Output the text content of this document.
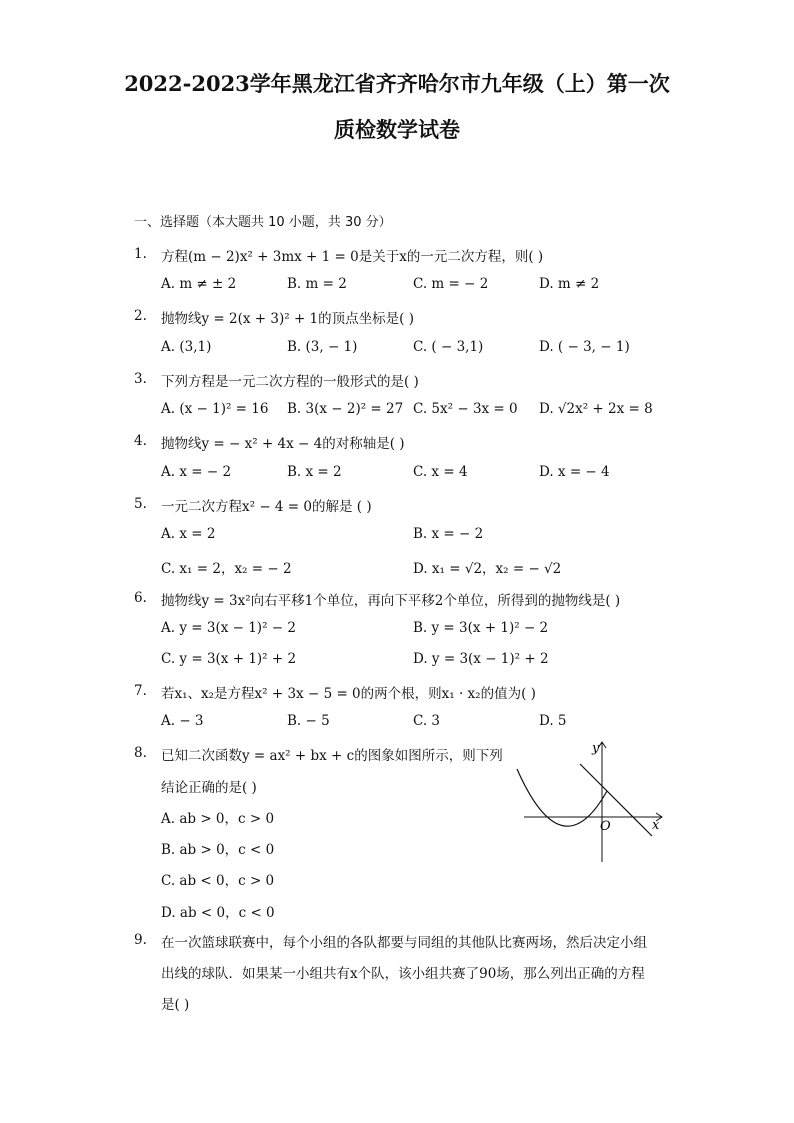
2022-2023学年黑龙江省齐齐哈尔市九年级（上）第一次
质检数学试卷
一、选择题（本大题共 10 小题，共 30 分）
1. 方程(m − 2)x² + 3mx + 1 = 0是关于x的一元二次方程，则( )
A. m ≠ ± 2	B. m = 2	C. m = − 2	D. m ≠ 2
2. 抛物线y = 2(x + 3)² + 1的顶点坐标是( )
A. (3,1)	B. (3, − 1)	C. ( − 3,1)	D. ( − 3, − 1)
3. 下列方程是一元二次方程的一般形式的是( )
A. (x − 1)² = 16 B. 3(x − 2)² = 27 C. 5x² − 3x = 0 D. √2x² + 2x = 8
4. 抛物线y = − x² + 4x − 4的对称轴是( )
A. x = − 2	B. x = 2	C. x = 4	D. x = − 4
5. 一元二次方程x² − 4 = 0的解是 ( )
A. x = 2	B. x = − 2
C. x₁ = 2，x₂ = − 2	D. x₁ = √2，x₂ = − √2
6. 抛物线y = 3x²向右平移1个单位，再向下平移2个单位，所得到的抛物线是( )
A. y = 3(x − 1)² − 2	B. y = 3(x + 1)² − 2
C. y = 3(x + 1)² + 2	D. y = 3(x − 1)² + 2
7. 若x₁、x₂是方程x² + 3x − 5 = 0的两个根，则x₁ · x₂的值为( )
A. − 3	B. − 5	C. 3	D. 5
8. 已知二次函数y = ax² + bx + c的图象如图所示，则下列
结论正确的是( )
A. ab > 0，c > 0
B. ab > 0，c < 0
C. ab < 0，c > 0
D. ab < 0，c < 0
y
x
O
9. 在一次篮球联赛中，每个小组的各队都要与同组的其他队比赛两场，然后决定小组
出线的球队．如果某一小组共有x个队，该小组共赛了90场，那么列出正确的方程
是( )
